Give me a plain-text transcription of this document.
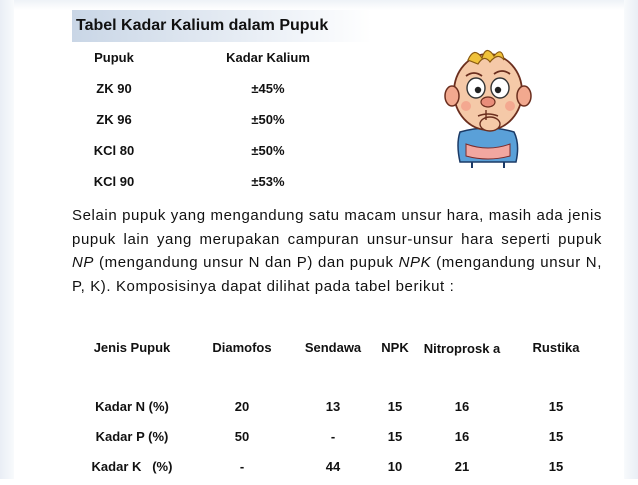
Tabel Kadar Kalium dalam Pupuk
Pupuk	Kadar Kalium
ZK 90	±45%
ZK 96	±50%
KCl 80	±50%
KCl 90	±53%
Selain pupuk yang mengandung satu macam unsur hara, masih ada jenis pupuk lain yang merupakan campuran unsur-unsur hara seperti pupuk NP (mengandung unsur N dan P) dan pupuk NPK (mengandung unsur N, P, K). Komposisinya dapat dilihat pada tabel berikut :
Jenis Pupuk	Diamofos	Sendawa	NPK	Nitroprosk a	Rustika
Kadar N (%)	20	13	15	16	15
Kadar P (%)	50	-	15	16	15
Kadar K   (%)	-	44	10	21	15
